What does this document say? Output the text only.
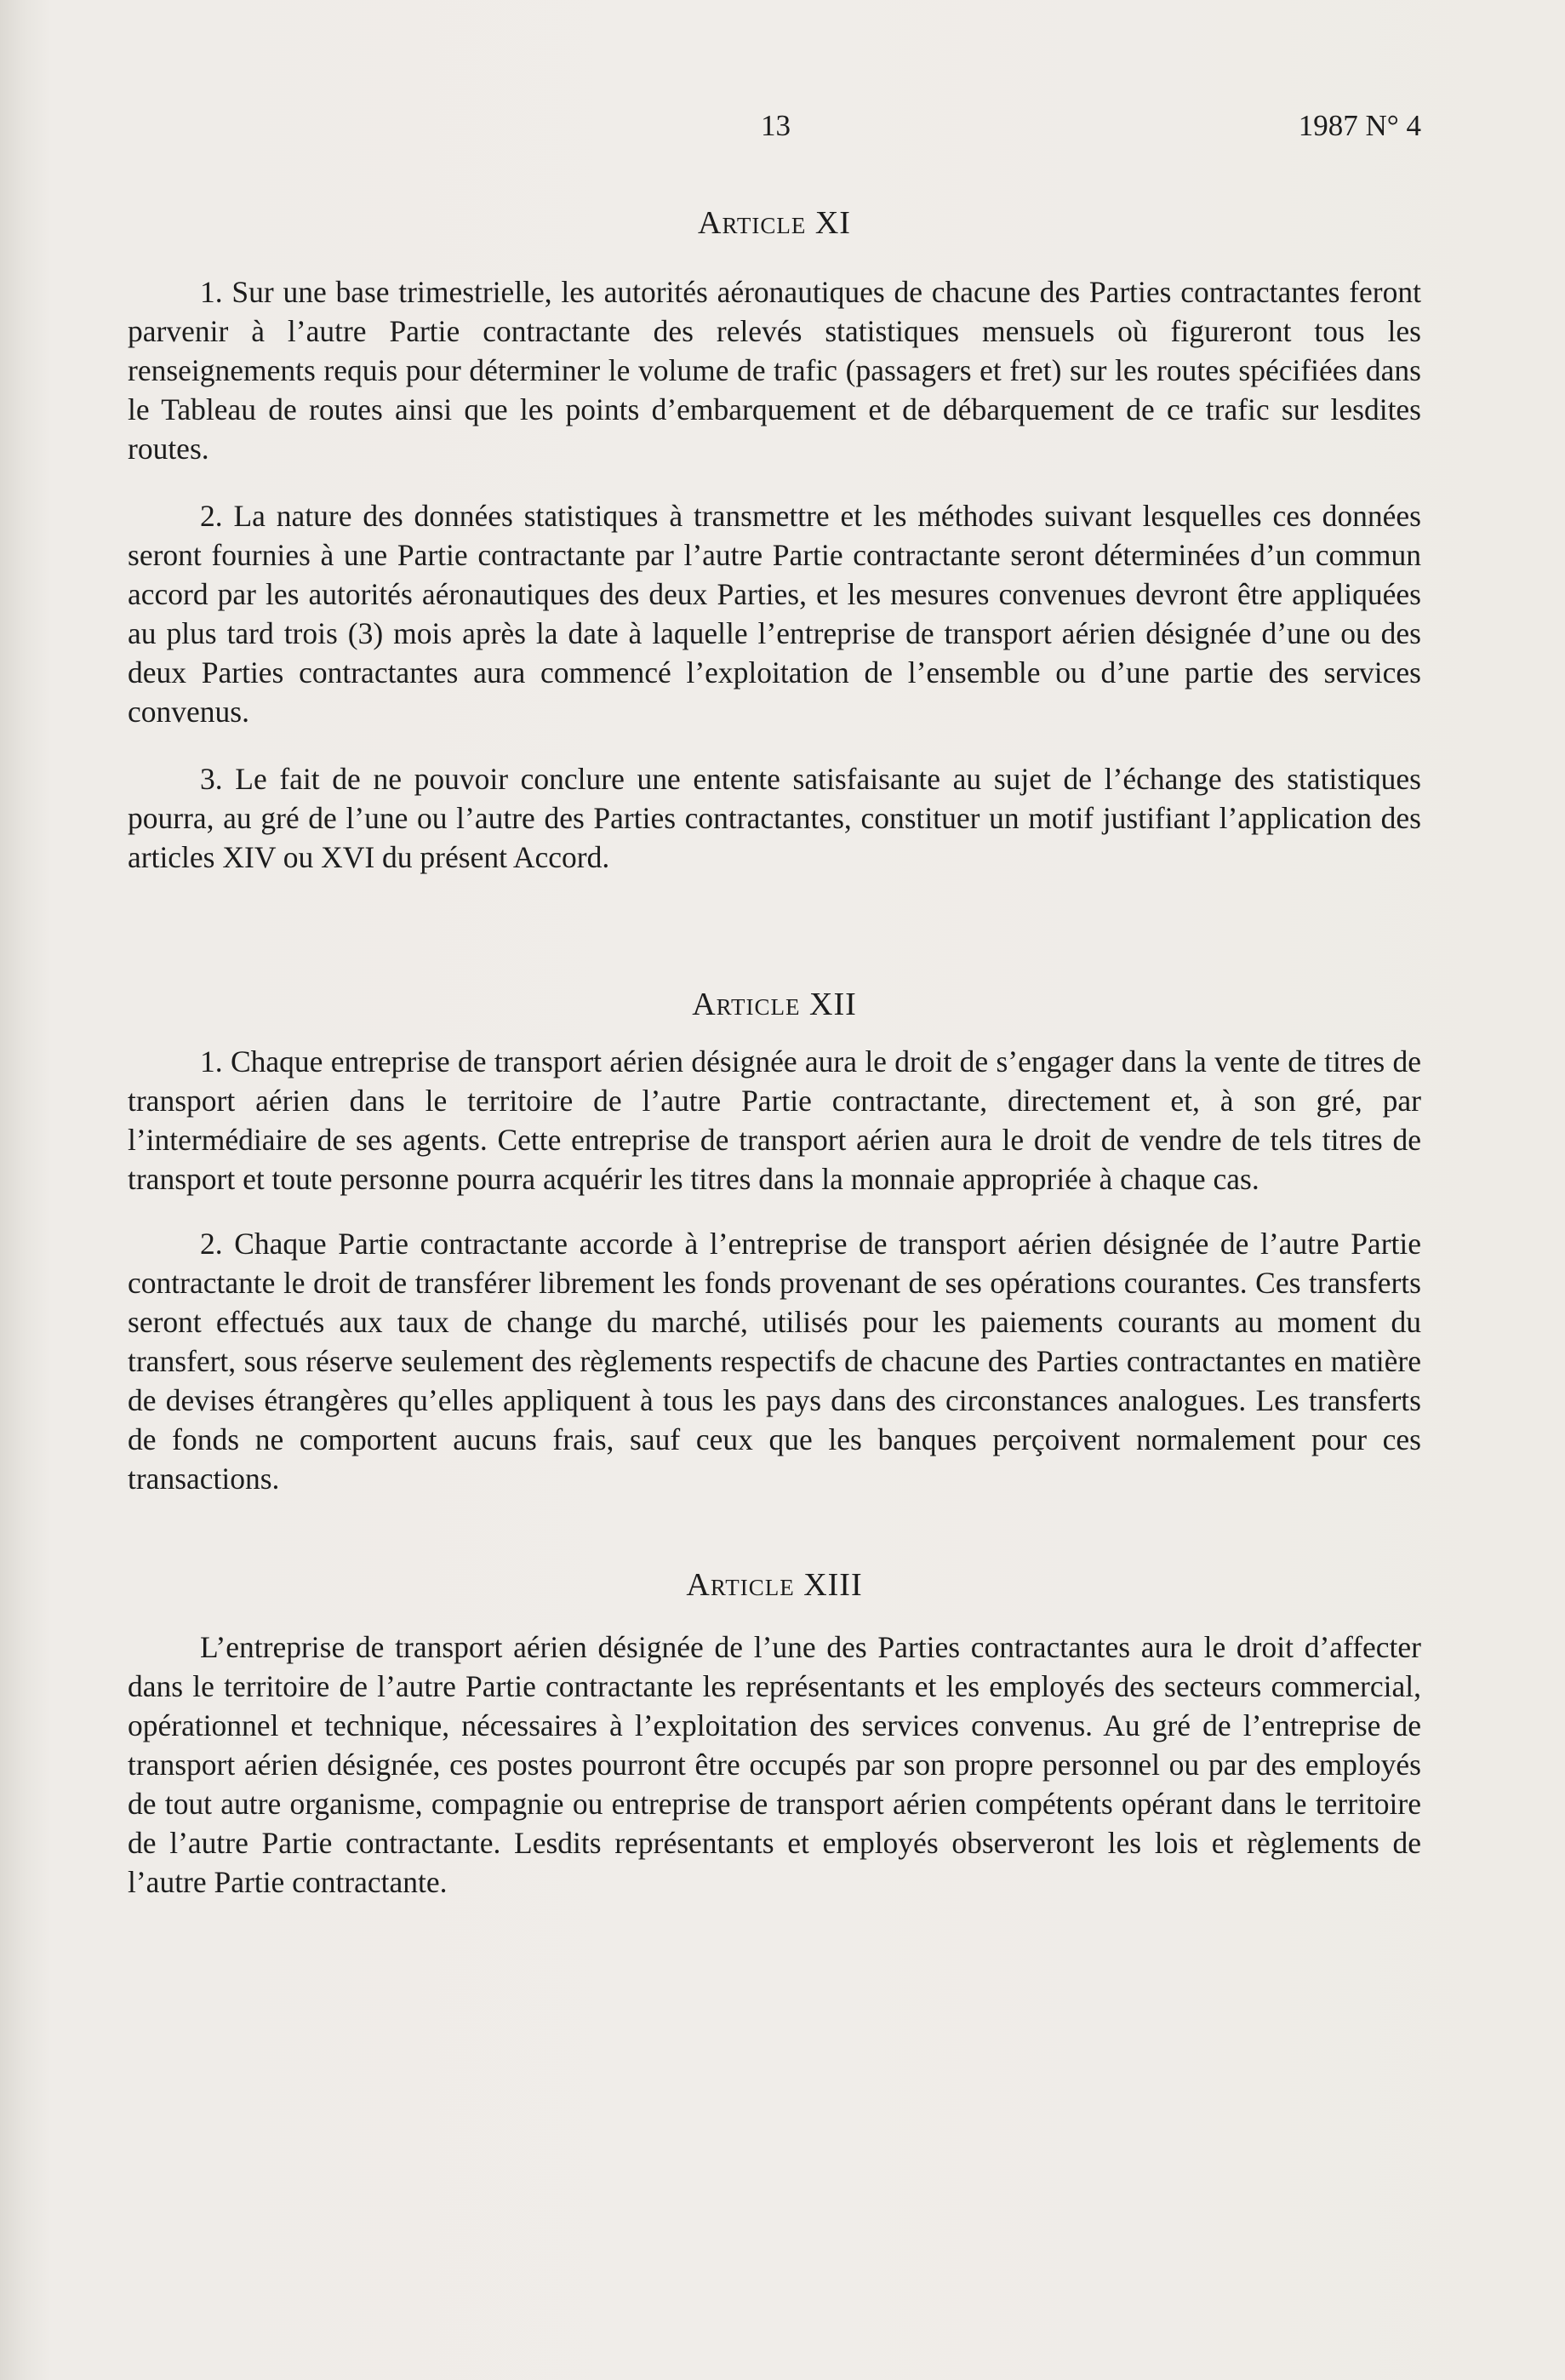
13	1987 N° 4
Article XI

1. Sur une base trimestrielle, les autorités aéronautiques de chacune des Parties contractantes feront parvenir à l’autre Partie contractante des relevés statistiques mensuels où figureront tous les renseignements requis pour déterminer le volume de trafic (passagers et fret) sur les routes spécifiées dans le Tableau de routes ainsi que les points d’embarquement et de débarquement de ce trafic sur lesdites routes.

2. La nature des données statistiques à transmettre et les méthodes suivant lesquelles ces données seront fournies à une Partie contractante par l’autre Partie contractante seront déterminées d’un commun accord par les autorités aéronautiques des deux Parties, et les mesures convenues devront être appliquées au plus tard trois (3) mois après la date à laquelle l’entreprise de transport aérien désignée d’une ou des deux Parties contractantes aura commencé l’exploitation de l’ensemble ou d’une partie des services convenus.

3. Le fait de ne pouvoir conclure une entente satisfaisante au sujet de l’échange des statistiques pourra, au gré de l’une ou l’autre des Parties contractantes, constituer un motif justifiant l’application des articles XIV ou XVI du présent Accord.

Article XII

1. Chaque entreprise de transport aérien désignée aura le droit de s’engager dans la vente de titres de transport aérien dans le territoire de l’autre Partie contractante, directement et, à son gré, par l’intermédiaire de ses agents. Cette entreprise de transport aérien aura le droit de vendre de tels titres de transport et toute personne pourra acquérir les titres dans la monnaie appropriée à chaque cas.

2. Chaque Partie contractante accorde à l’entreprise de transport aérien désignée de l’autre Partie contractante le droit de transférer librement les fonds provenant de ses opérations courantes. Ces transferts seront effectués aux taux de change du marché, utilisés pour les paiements courants au moment du transfert, sous réserve seulement des règlements respectifs de chacune des Parties contractantes en matière de devises étrangères qu’elles appliquent à tous les pays dans des circonstances analogues. Les transferts de fonds ne comportent aucuns frais, sauf ceux que les banques perçoivent normalement pour ces transactions.

Article XIII

L’entreprise de transport aérien désignée de l’une des Parties contractantes aura le droit d’affecter dans le territoire de l’autre Partie contractante les représentants et les employés des secteurs commercial, opérationnel et technique, nécessaires à l’exploitation des services convenus. Au gré de l’entreprise de transport aérien désignée, ces postes pourront être occupés par son propre personnel ou par des employés de tout autre organisme, compagnie ou entreprise de transport aérien compétents opérant dans le territoire de l’autre Partie contractante. Lesdits représentants et employés observeront les lois et règlements de l’autre Partie contractante.
